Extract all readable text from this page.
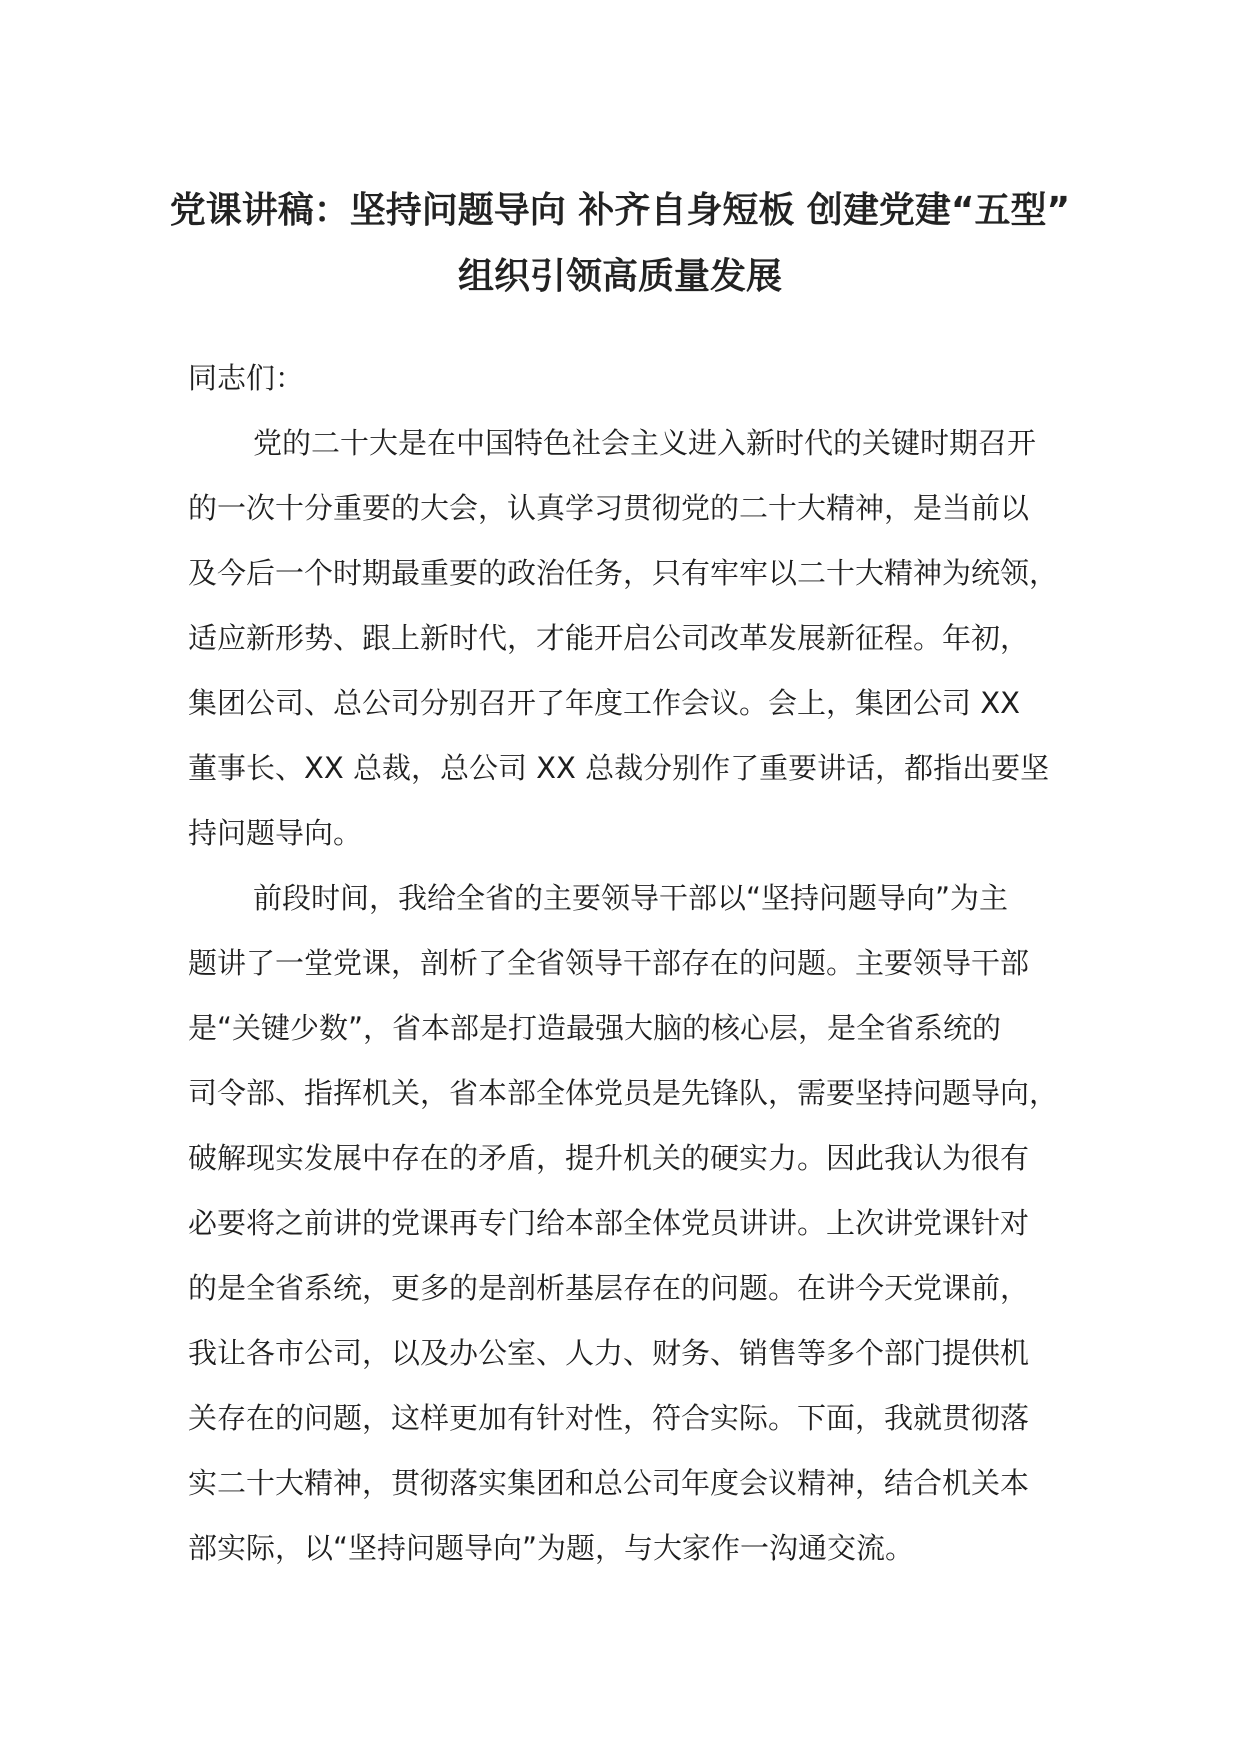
党课讲稿：坚持问题导向 补齐自身短板 创建党建“五型”
组织引领高质量发展

同志们：

党的二十大是在中国特色社会主义进入新时代的关键时期召开
的一次十分重要的大会，认真学习贯彻党的二十大精神，是当前以
及今后一个时期最重要的政治任务，只有牢牢以二十大精神为统领，
适应新形势、跟上新时代，才能开启公司改革发展新征程。年初，
集团公司、总公司分别召开了年度工作会议。会上，集团公司 XX
董事长、XX 总裁，总公司 XX 总裁分别作了重要讲话，都指出要坚
持问题导向。

前段时间，我给全省的主要领导干部以“坚持问题导向”为主
题讲了一堂党课，剖析了全省领导干部存在的问题。主要领导干部
是“关键少数”，省本部是打造最强大脑的核心层，是全省系统的
司令部、指挥机关，省本部全体党员是先锋队，需要坚持问题导向，
破解现实发展中存在的矛盾，提升机关的硬实力。因此我认为很有
必要将之前讲的党课再专门给本部全体党员讲讲。上次讲党课针对
的是全省系统，更多的是剖析基层存在的问题。在讲今天党课前，
我让各市公司，以及办公室、人力、财务、销售等多个部门提供机
关存在的问题，这样更加有针对性，符合实际。下面，我就贯彻落
实二十大精神，贯彻落实集团和总公司年度会议精神，结合机关本
部实际，以“坚持问题导向”为题，与大家作一沟通交流。
